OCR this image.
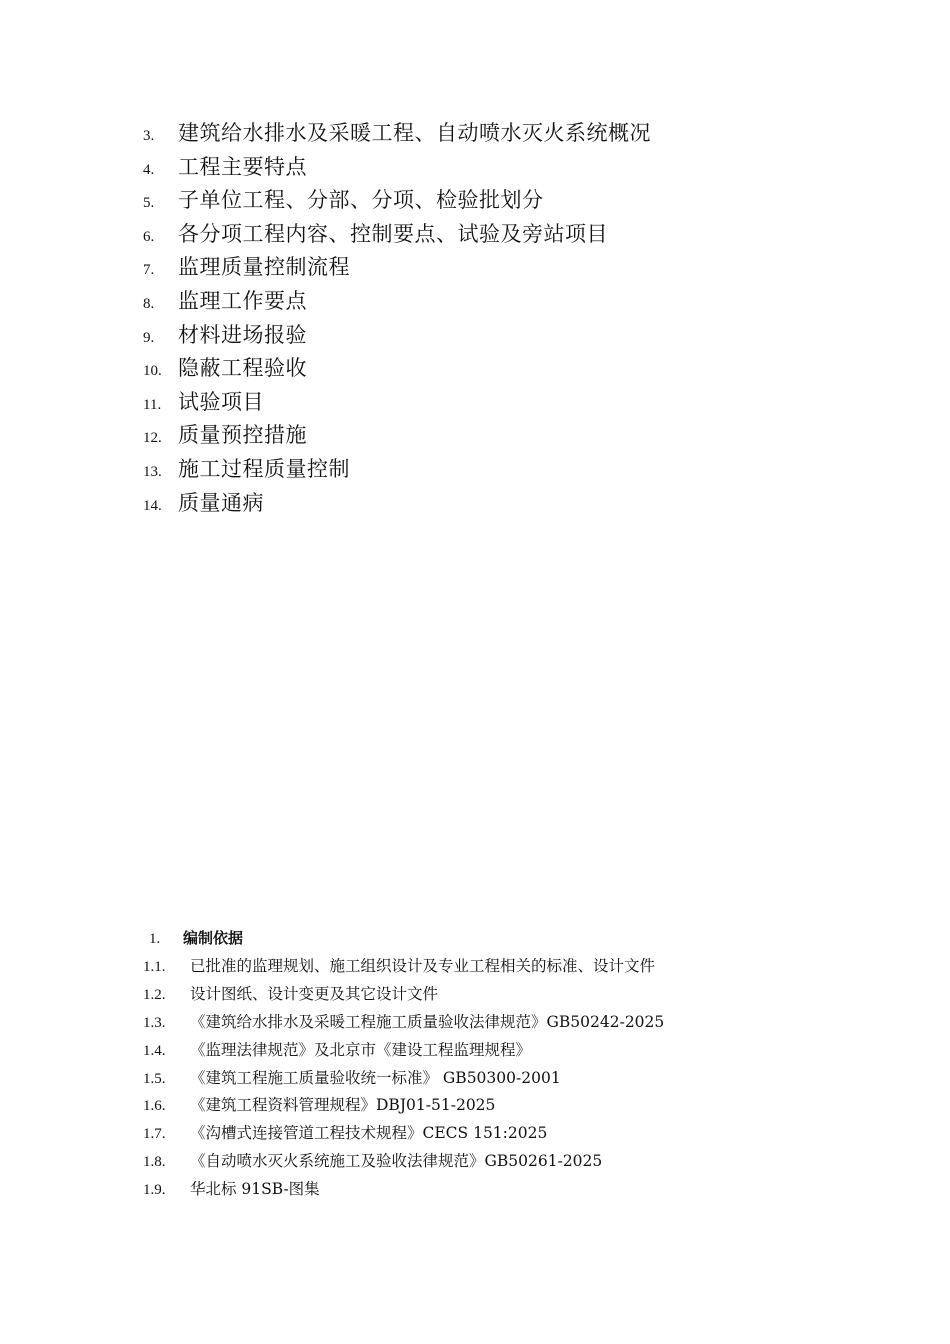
3.	建筑给水排水及采暖工程、自动喷水灭火系统概况
4.	工程主要特点
5.	子单位工程、分部、分项、检验批划分
6.	各分项工程内容、控制要点、试验及旁站项目
7.	监理质量控制流程
8.	监理工作要点
9.	材料进场报验
10. 隐蔽工程验收
11. 试验项目
12. 质量预控措施
13. 施工过程质量控制
14. 质量通病
1.	编制依据
1.1.	已批准的监理规划、施工组织设计及专业工程相关的标准、设计文件
1.2.	设计图纸、设计变更及其它设计文件
1.3.	《建筑给水排水及采暖工程施工质量验收法律规范》GB50242-2025
1.4.	《监理法律规范》及北京市《建设工程监理规程》
1.5.	《建筑工程施工质量验收统一标准》 GB50300-2001
1.6.	《建筑工程资料管理规程》DBJ01-51-2025
1.7.	《沟槽式连接管道工程技术规程》CECS 151:2025
1.8.	《自动喷水灭火系统施工及验收法律规范》GB50261-2025
1.9.	华北标 91SB-图集
